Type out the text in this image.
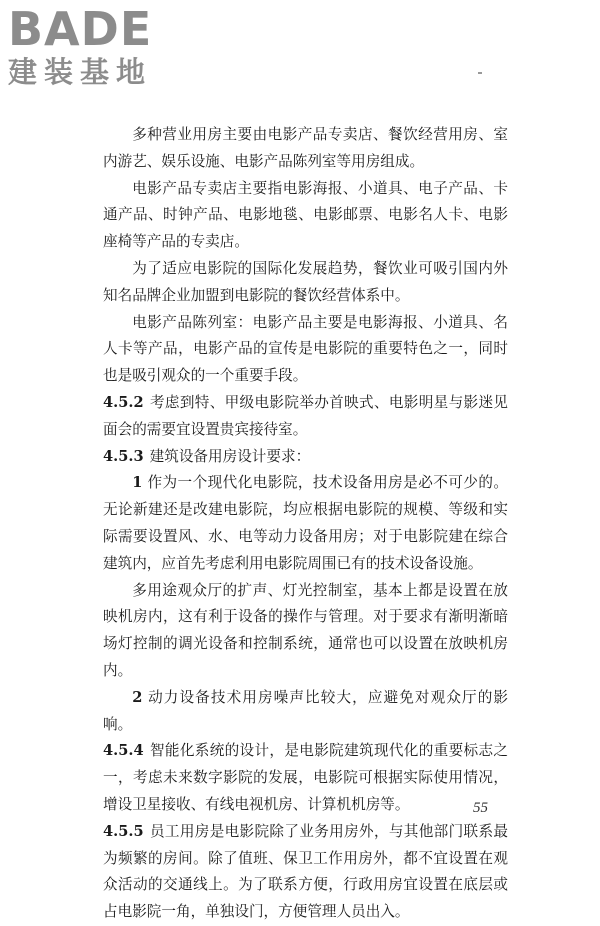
BADE
建装基地

多种营业用房主要由电影产品专卖店、餐饮经营用房、室内游艺、娱乐设施、电影产品陈列室等用房组成。

电影产品专卖店主要指电影海报、小道具、电子产品、卡通产品、时钟产品、电影地毯、电影邮票、电影名人卡、电影座椅等产品的专卖店。

为了适应电影院的国际化发展趋势，餐饮业可吸引国内外知名品牌企业加盟到电影院的餐饮经营体系中。

电影产品陈列室：电影产品主要是电影海报、小道具、名人卡等产品，电影产品的宣传是电影院的重要特色之一，同时也是吸引观众的一个重要手段。

4.5.2 考虑到特、甲级电影院举办首映式、电影明星与影迷见面会的需要宜设置贵宾接待室。

4.5.3 建筑设备用房设计要求：

1 作为一个现代化电影院，技术设备用房是必不可少的。无论新建还是改建电影院，均应根据电影院的规模、等级和实际需要设置风、水、电等动力设备用房；对于电影院建在综合建筑内，应首先考虑利用电影院周围已有的技术设备设施。

多用途观众厅的扩声、灯光控制室，基本上都是设置在放映机房内，这有利于设备的操作与管理。对于要求有渐明渐暗场灯控制的调光设备和控制系统，通常也可以设置在放映机房内。

2 动力设备技术用房噪声比较大，应避免对观众厅的影响。

4.5.4 智能化系统的设计，是电影院建筑现代化的重要标志之一，考虑未来数字影院的发展，电影院可根据实际使用情况，增设卫星接收、有线电视机房、计算机机房等。

4.5.5 员工用房是电影院除了业务用房外，与其他部门联系最为频繁的房间。除了值班、保卫工作用房外，都不宜设置在观众活动的交通线上。为了联系方便，行政用房宜设置在底层或占电影院一角，单独设门，方便管理人员出入。

55
